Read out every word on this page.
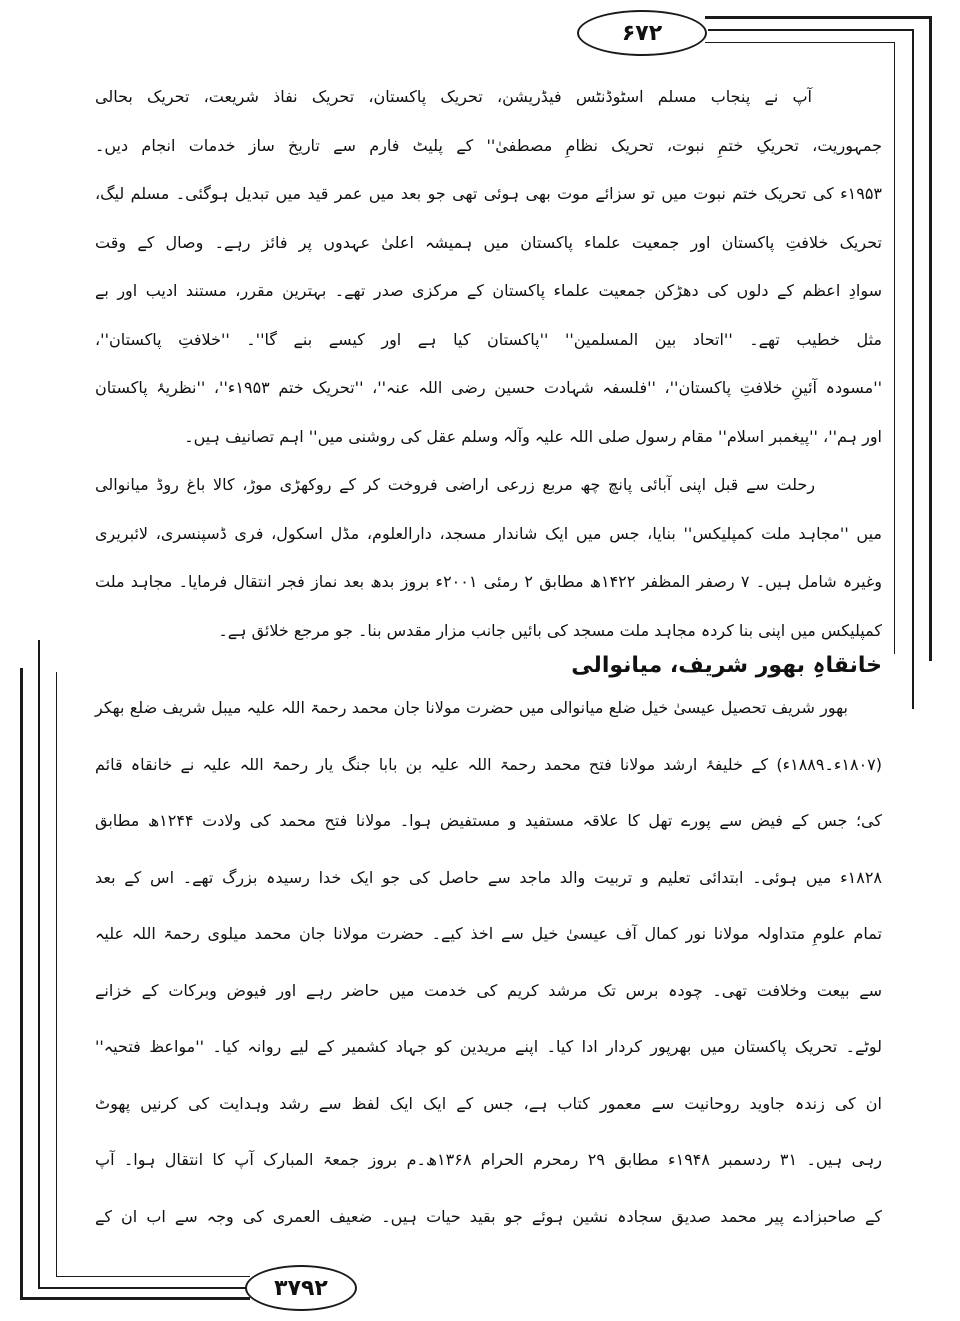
۶۷۲
۳۷۹۲
آپ نے پنجاب مسلم اسٹوڈنٹس فیڈریشن، تحریک پاکستان، تحریک نفاذ شریعت، تحریک بحالی
جمہوریت، تحریکِ ختمِ نبوت، تحریک نظامِ مصطفیٰ'' کے پلیٹ فارم سے تاریخ ساز خدمات انجام دیں۔
۱۹۵۳ء کی تحریک ختم نبوت میں تو سزائے موت بھی ہوئی تھی جو بعد میں عمر قید میں تبدیل ہوگئی۔ مسلم لیگ،
تحریک خلافتِ پاکستان اور جمعیت علماء پاکستان میں ہمیشہ اعلیٰ عہدوں پر فائز رہے۔ وصال کے وقت
سوادِ اعظم کے دلوں کی دھڑکن جمعیت علماء پاکستان کے مرکزی صدر تھے۔ بہترین مقرر، مستند ادیب اور بے
مثل خطیب تھے۔ ''اتحاد بین المسلمین'' ''پاکستان کیا ہے اور کیسے بنے گا''۔ ''خلافتِ پاکستان''،
''مسودہ آئینِ خلافتِ پاکستان''، ''فلسفہ شہادت حسین رضی اللہ عنہ''، ''تحریک ختم ۱۹۵۳ء''، ''نظریۂ پاکستان
اور ہم''، ''پیغمبر اسلام'' مقام رسول صلی اللہ علیہ وآلہ وسلم عقل کی روشنی میں'' اہم تصانیف ہیں۔
رحلت سے قبل اپنی آبائی پانچ چھ مربع زرعی اراضی فروخت کر کے روکھڑی موڑ، کالا باغ روڈ میانوالی
میں ''مجاہد ملت کمپلیکس'' بنایا، جس میں ایک شاندار مسجد، دارالعلوم، مڈل اسکول، فری ڈسپنسری، لائبریری
وغیرہ شامل ہیں۔ ۷ رصفر المظفر ۱۴۲۲ھ مطابق ۲ رمئی ۲۰۰۱ء بروز بدھ بعد نماز فجر انتقال فرمایا۔ مجاہد ملت
کمپلیکس میں اپنی بنا کردہ مجاہد ملت مسجد کی بائیں جانب مزار مقدس بنا۔ جو مرجع خلائق ہے۔
بھور شریف تحصیل عیسیٰ خیل ضلع میانوالی میں حضرت مولانا جان محمد رحمۃ اللہ علیہ میبل شریف ضلع بھکر
(۱۸۰۷ء۔۱۸۸۹ء) کے خلیفۂ ارشد مولانا فتح محمد رحمۃ اللہ علیہ بن بابا جنگ یار رحمۃ اللہ علیہ نے خانقاہ قائم
کی؛ جس کے فیض سے پورے تھل کا علاقہ مستفید و مستفیض ہوا۔ مولانا فتح محمد کی ولادت ۱۲۴۴ھ مطابق
۱۸۲۸ء میں ہوئی۔ ابتدائی تعلیم و تربیت والد ماجد سے حاصل کی جو ایک خدا رسیدہ بزرگ تھے۔ اس کے بعد
تمام علومِ متداولہ مولانا نور کمال آف عیسیٰ خیل سے اخذ کیے۔ حضرت مولانا جان محمد میلوی رحمۃ اللہ علیہ
سے بیعت وخلافت تھی۔ چودہ برس تک مرشد کریم کی خدمت میں حاضر رہے اور فیوض وبرکات کے خزانے
لوٹے۔ تحریک پاکستان میں بھرپور کردار ادا کیا۔ اپنے مریدین کو جہاد کشمیر کے لیے روانہ کیا۔ ''مواعظ فتحیہ''
ان کی زندہ جاوید روحانیت سے معمور کتاب ہے، جس کے ایک ایک لفظ سے رشد وہدایت کی کرنیں پھوٹ
رہی ہیں۔ ۳۱ ردسمبر ۱۹۴۸ء مطابق ۲۹ رمحرم الحرام ۱۳۶۸ھ۔م بروز جمعۃ المبارک آپ کا انتقال ہوا۔ آپ
کے صاحبزادے پیر محمد صدیق سجادہ نشین ہوئے جو بقید حیات ہیں۔ ضعیف العمری کی وجہ سے اب ان کے
خانقاہِ بھور شریف، میانوالی
